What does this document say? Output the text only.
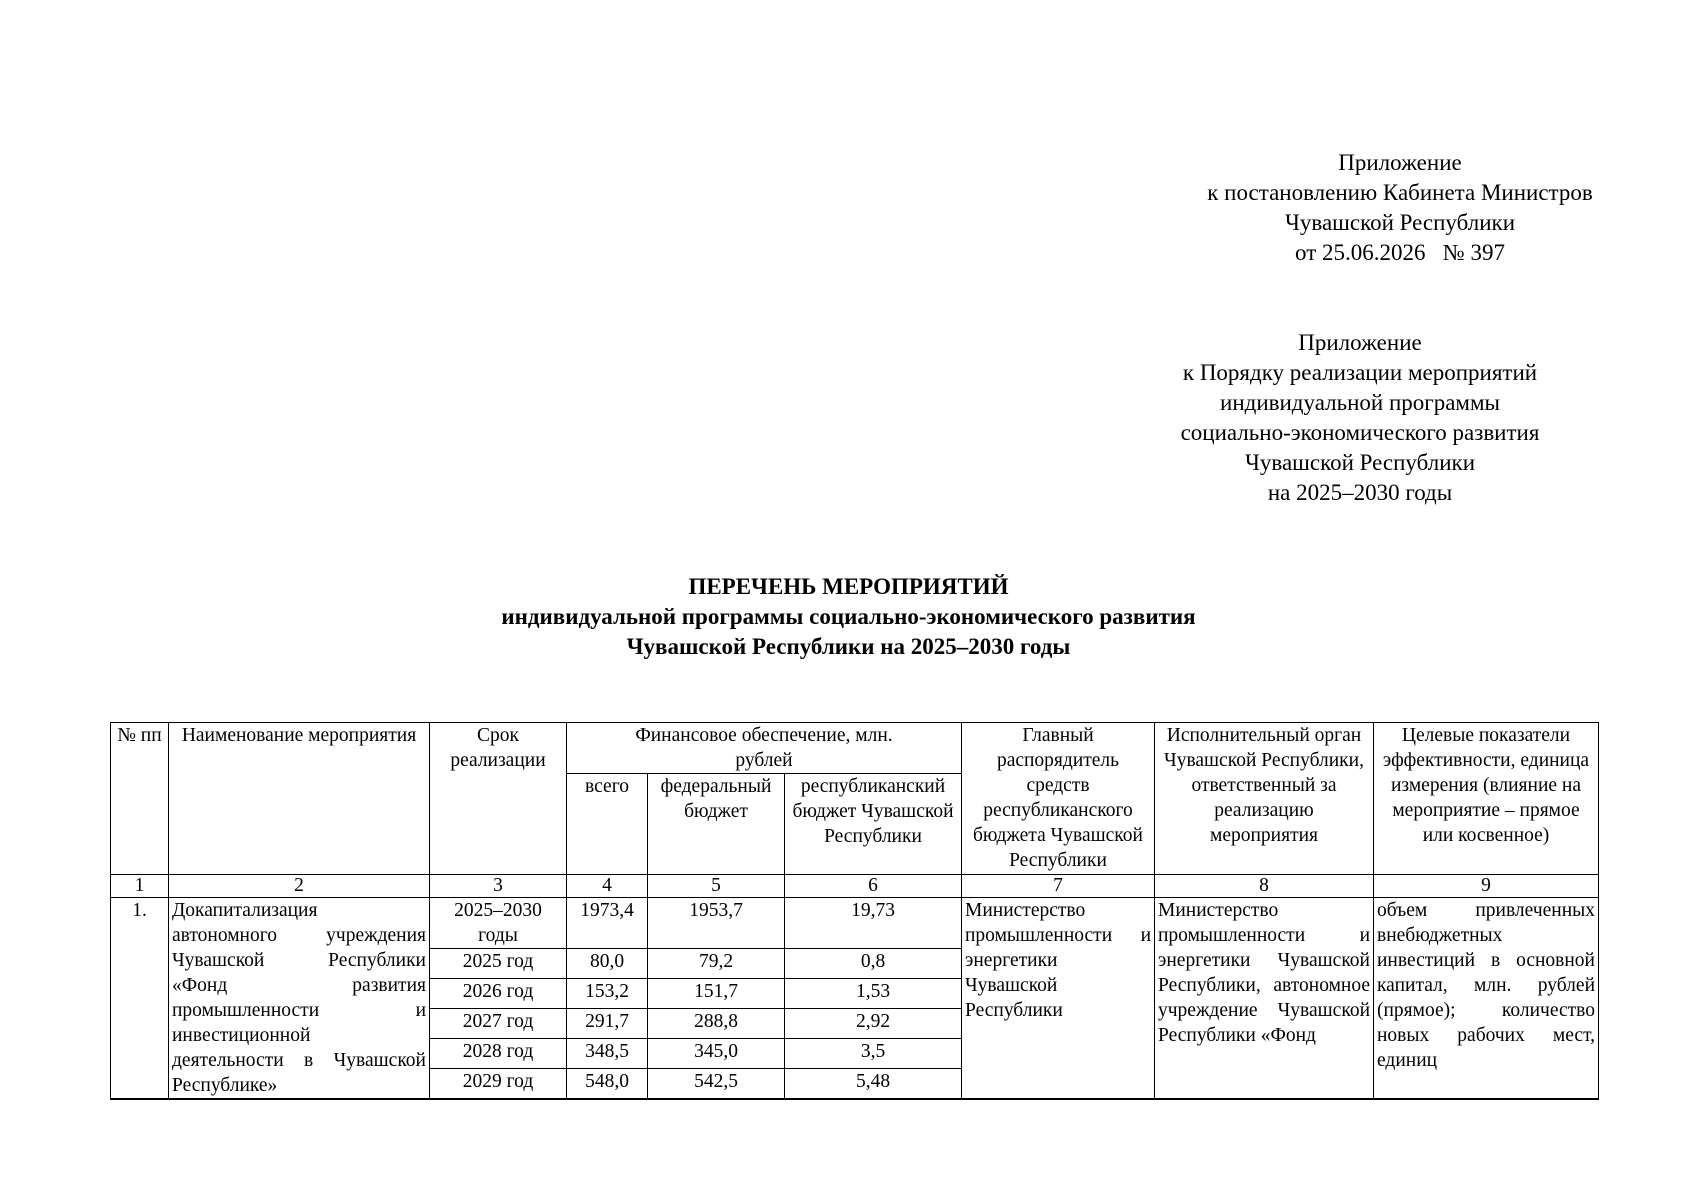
Приложение
к постановлению Кабинета Министров
Чувашской Республики
от 25.06.2026   № 397
Приложение
к Порядку реализации мероприятий
индивидуальной программы
социально-экономического развития
Чувашской Республики
на 2025–2030 годы
ПЕРЕЧЕНЬ МЕРОПРИЯТИЙ
индивидуальной программы социально-экономического развития
Чувашской Республики на 2025–2030 годы
№ пп	Наименование мероприятия	Срок реализации	Финансовое обеспечение, млн. рублей			Главный распорядитель средств республиканского бюджета Чувашской Республики	Исполнительный орган Чувашской Республики, ответственный за реализацию мероприятия	Целевые показатели эффективности, единица измерения (влияние на мероприятие – прямое или косвенное)
			всего	федеральный бюджет	республиканский бюджет Чувашской Республики			
1	2	3	4	5	6	7	8	9
1.	Докапитализация автономного учреждения Чувашской Республики «Фонд развития промышленности и инвестиционной деятельности в Чувашской Республике»	2025–2030 годы	1973,4	1953,7	19,73	Министерство промышленности и энергетики Чувашской Республики	Министерство промышленности и энергетики Чувашской Республики, автономное учреждение Чувашской Республики «Фонд	объем привлеченных внебюджетных инвестиций в основной капитал, млн. рублей (прямое); количество новых рабочих мест, единиц
		2025 год	80,0	79,2	0,8			
		2026 год	153,2	151,7	1,53			
		2027 год	291,7	288,8	2,92			
		2028 год	348,5	345,0	3,5			
		2029 год	548,0	542,5	5,48			
